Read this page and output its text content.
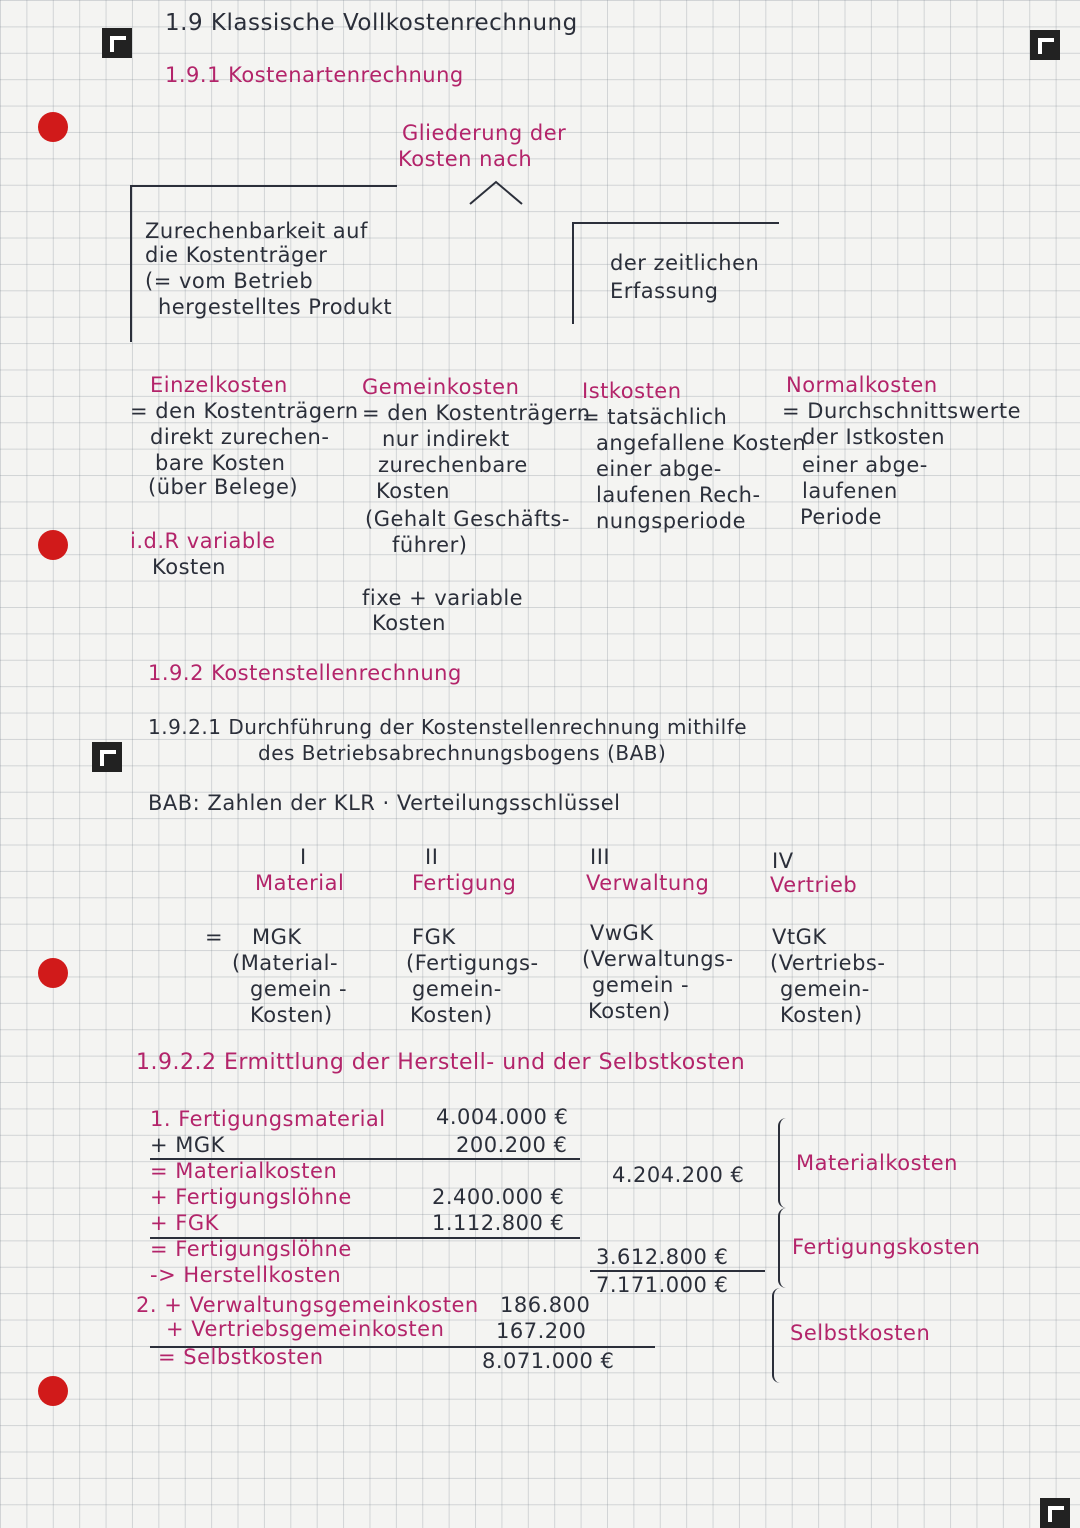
1.9 Klassische Vollkostenrechnung
1.9.1 Kostenartenrechnung
Gliederung der
Kosten nach
Zurechenbarkeit auf
die Kostenträger
(= vom Betrieb
hergestelltes Produkt
der zeitlichen
Erfassung
Einzelkosten
= den Kostenträgern
direkt zurechen-
bare Kosten
(über Belege)
i.d.R variable
Kosten
Gemeinkosten
= den Kostenträgern
nur indirekt
zurechenbare
Kosten
(Gehalt Geschäfts-
führer)
fixe + variable
Kosten
Istkosten
= tatsächlich
angefallene Kosten
einer abge-
laufenen Rech-
nungsperiode
Normalkosten
= Durchschnittswerte
der Istkosten
einer abge-
laufenen
Periode
1.9.2 Kostenstellenrechnung
1.9.2.1 Durchführung der Kostenstellenrechnung mithilfe
des Betriebsabrechnungsbogens (BAB)
BAB: Zahlen der KLR · Verteilungsschlüssel
I
Material
= MGK
(Material-
gemein -
Kosten)
II
Fertigung
FGK
(Fertigungs-
gemein-
Kosten)
III
Verwaltung
VwGK
(Verwaltungs-
gemein -
Kosten)
IV
Vertrieb
VtGK
(Vertriebs-
gemein-
Kosten)
1.9.2.2 Ermittlung der Herstell- und der Selbstkosten
1. Fertigungsmaterial 4.004.000 €
+ MGK	200.200 €
= Materialkosten	4.204.200 €
+ Fertigungslöhne	2.400.000 €
+ FGK	1.112.800 €
= Fertigungslöhne	3.612.800 €
-> Herstellkosten	7.171.000 €
2. + Verwaltungsgemeinkosten 186.800
+ Vertriebsgemeinkosten 167.200
= Selbstkosten	8.071.000 €
Materialkosten
Fertigungskosten
Selbstkosten
